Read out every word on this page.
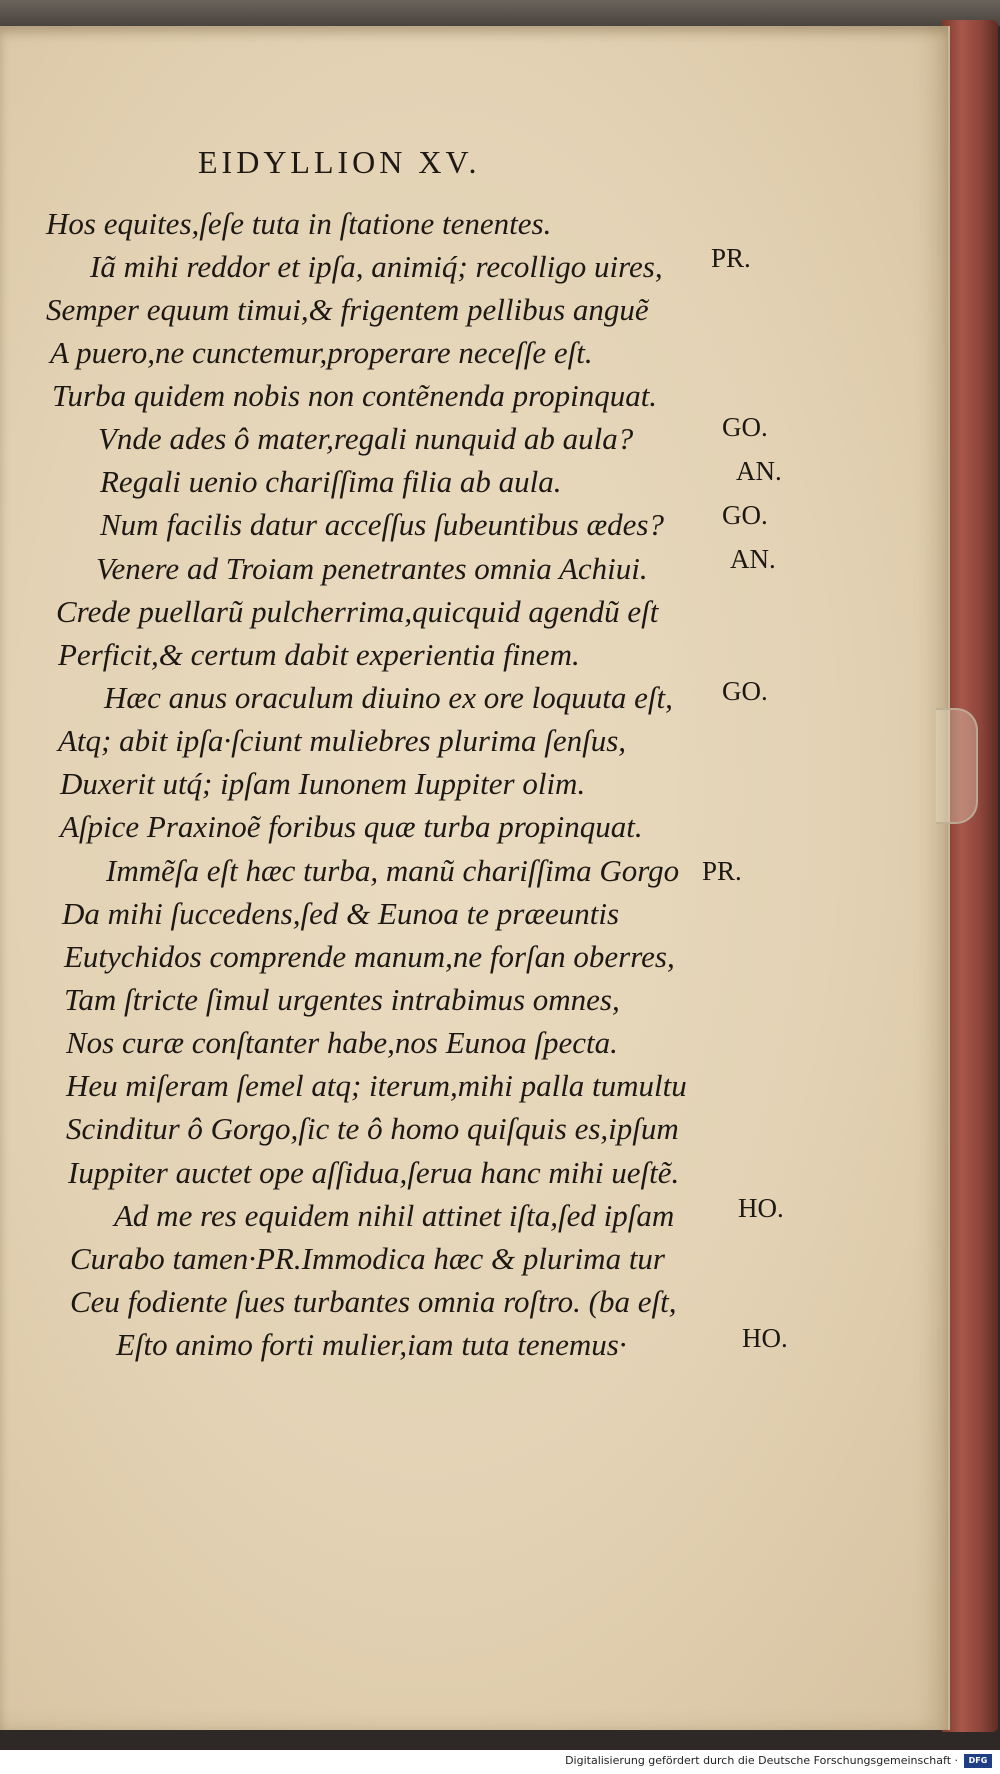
EIDYLLION XV.
Hos equites,ſeſe tuta in ſtatione tenentes.
Iã mihi reddor et ipſa, animiq́; recolligo uires, PR.
Semper equum timui,& frigentem pellibus anguẽ
A puero,ne cunctemur,properare neceſſe eſt.
Turba quidem nobis non contẽnenda propinquat.
Vnde ades ô mater,regali nunquid ab aula?	GO.
Regali uenio chariſſima filia ab aula.	AN.
Num facilis datur acceſſus ſubeuntibus ædes? GO.
Venere ad Troiam penetrantes omnia Achiui.	AN.
Crede puellarũ pulcherrima,quicquid agendũ eſt
Perficit,& certum dabit experientia finem.
Hæc anus oraculum diuino ex ore loquuta eſt, GO.
Atq; abit ipſa·ſciunt muliebres plurima ſenſus,
Duxerit utq́; ipſam Iunonem Iuppiter olim.
Aſpice Praxinoẽ foribus quæ turba propinquat.
Immẽſa eſt hæc turba, manũ chariſſima Gorgo PR.
Da mihi ſuccedens,ſed & Eunoa te præeuntis
Eutychidos comprende manum,ne forſan oberres,
Tam ſtricte ſimul urgentes intrabimus omnes,
Nos curæ conſtanter habe,nos Eunoa ſpecta.
Heu miſeram ſemel atq; iterum,mihi palla tumultu
Scinditur ô Gorgo,ſic te ô homo quiſquis es,ipſum
Iuppiter auctet ope aſſidua,ſerua hanc mihi ueſtẽ.
Ad me res equidem nihil attinet iſta,ſed ipſam HO.
Curabo tamen·PR.Immodica hæc & plurima tur
Ceu fodiente ſues turbantes omnia roſtro. (ba eſt,
Eſto animo forti mulier,iam tuta tenemus·	HO.
Digitalisierung gefördert durch die Deutsche Forschungsgemeinschaft ·	DFG
